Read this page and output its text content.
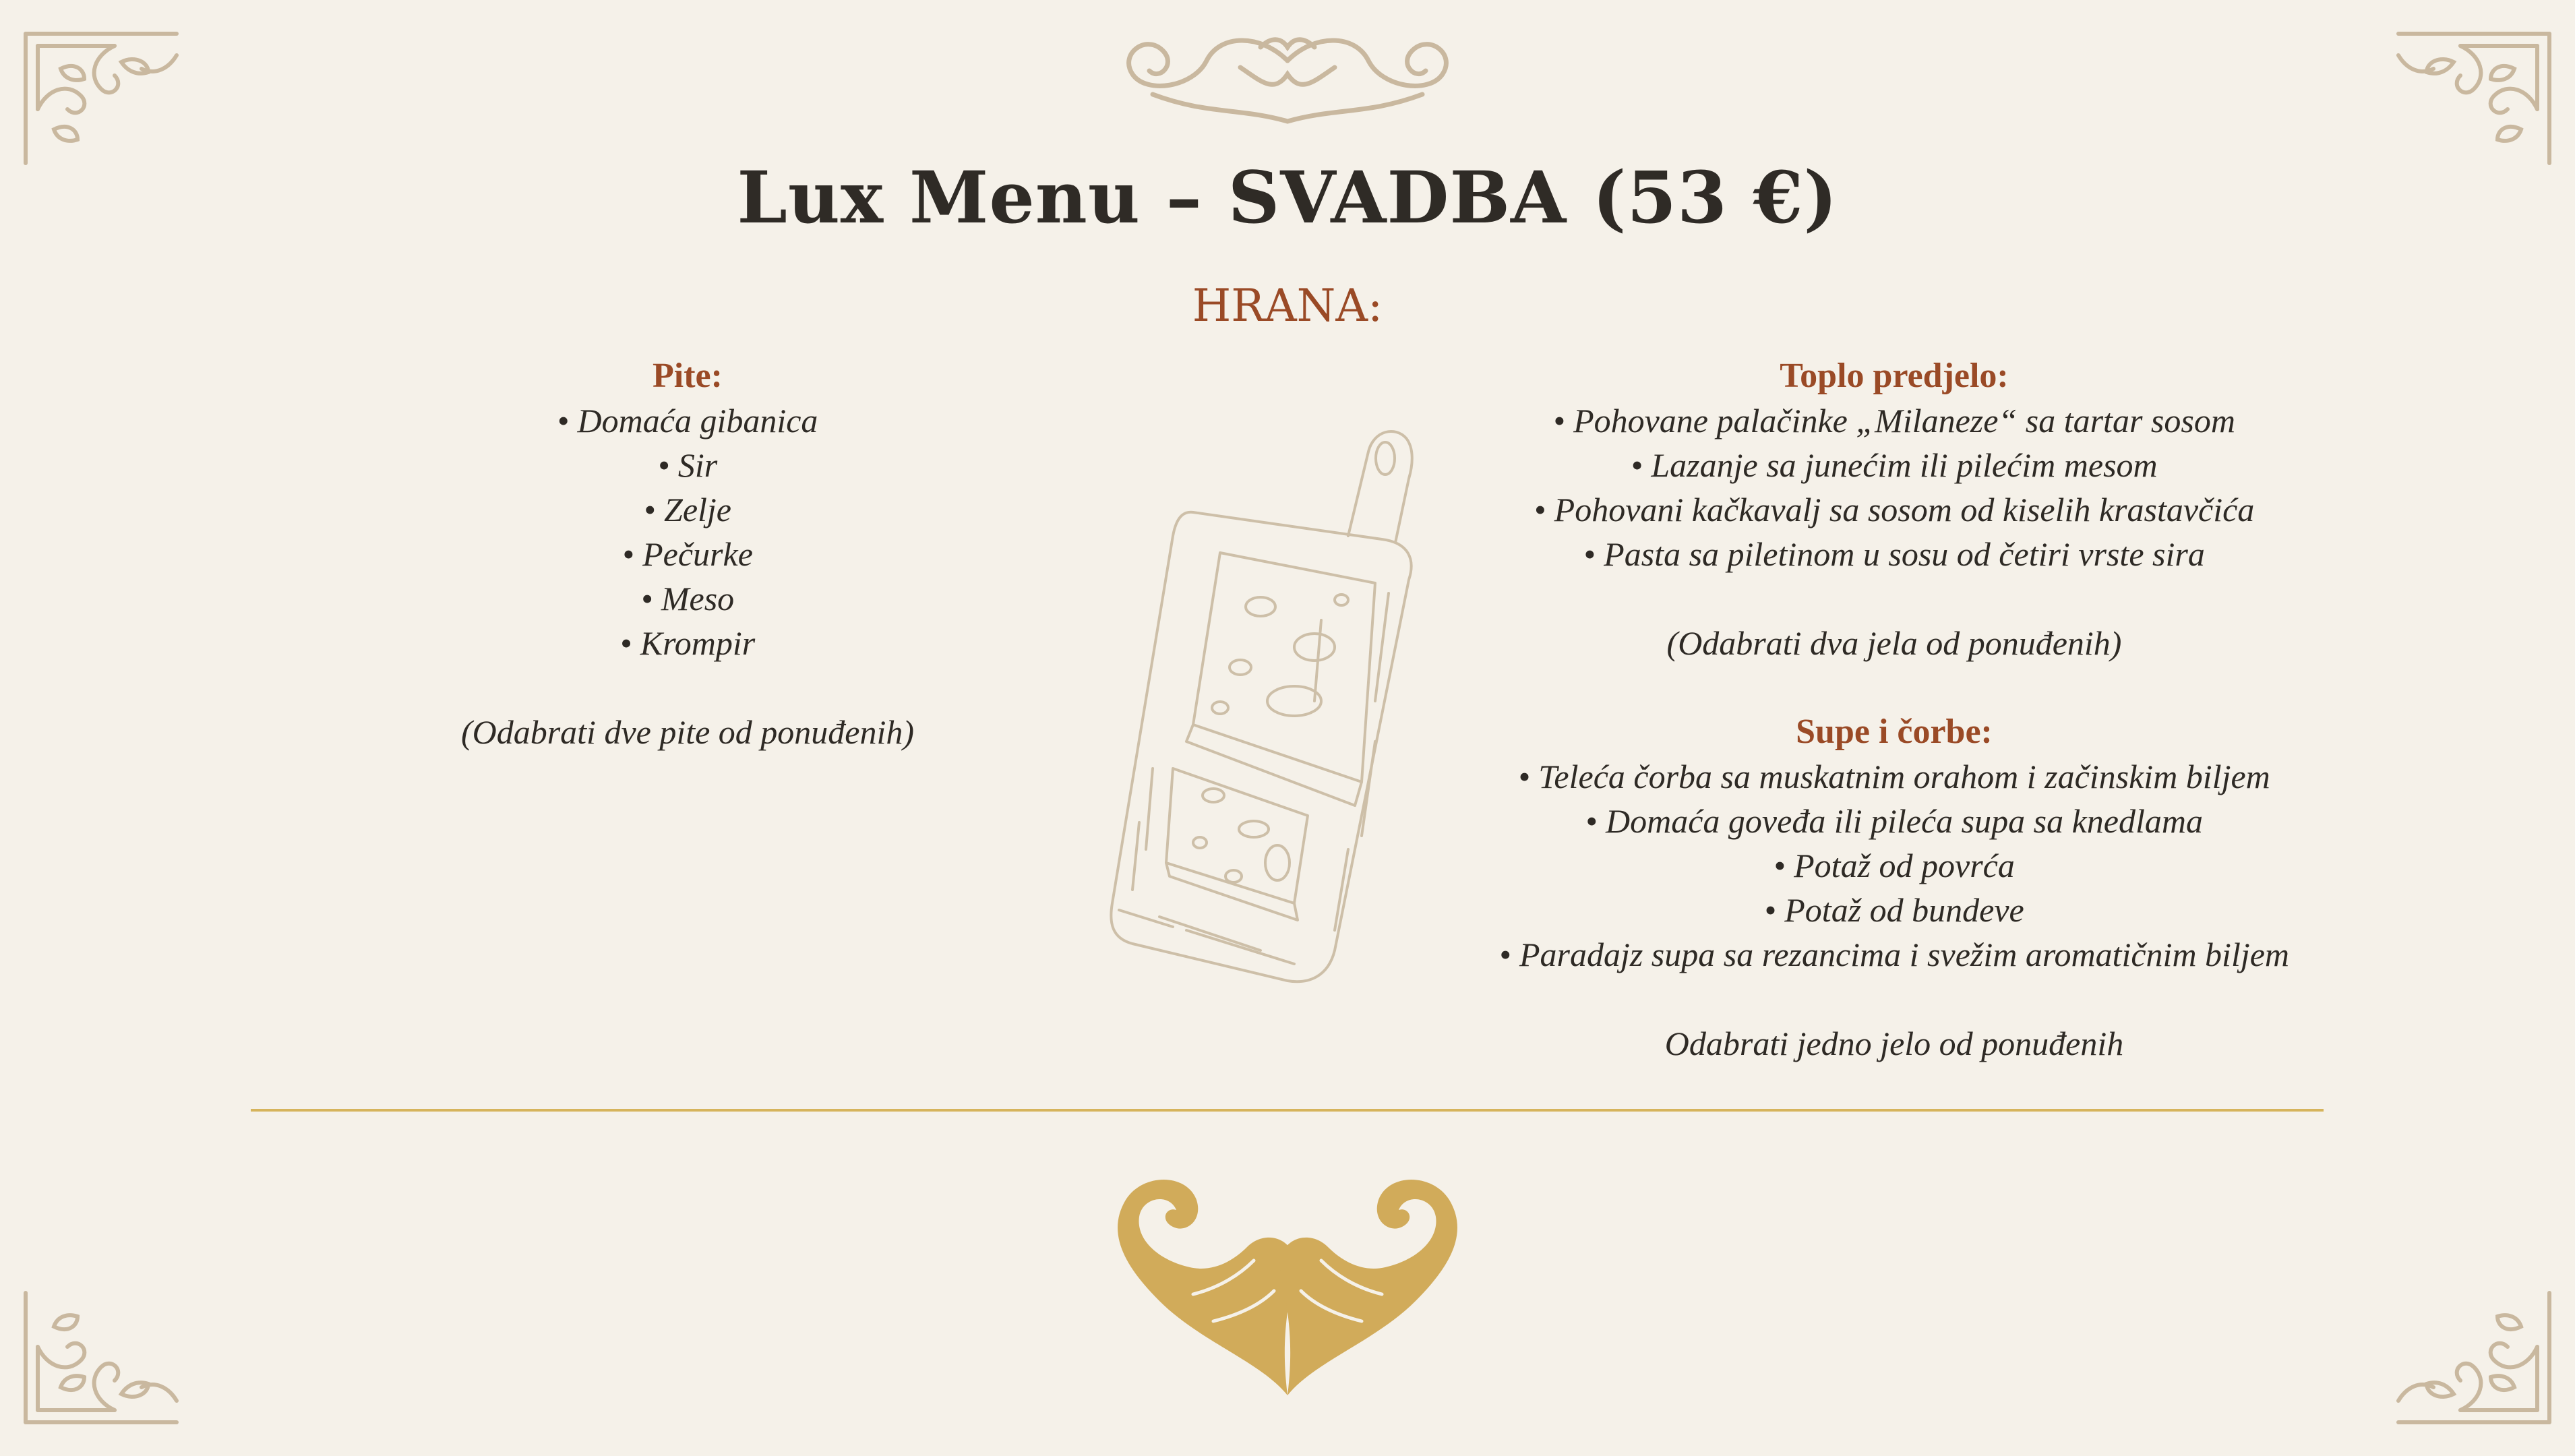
Lux Menu – SVADBA (53 €)
HRANA:
Pite:
• Domaća gibanica
• Sir
• Zelje
• Pečurke
• Meso
• Krompir
(Odabrati dve pite od ponuđenih)
Toplo predjelo:
• Pohovane palačinke „Milaneze“ sa tartar sosom
• Lazanje sa junećim ili pilećim mesom
• Pohovani kačkavalj sa sosom od kiselih krastavčića
• Pasta sa piletinom u sosu od četiri vrste sira
(Odabrati dva jela od ponuđenih)
Supe i čorbe:
• Teleća čorba sa muskatnim orahom i začinskim biljem
• Domaća goveđa ili pileća supa sa knedlama
• Potaž od povrća
• Potaž od bundeve
• Paradajz supa sa rezancima i svežim aromatičnim biljem
Odabrati jedno jelo od ponuđenih
